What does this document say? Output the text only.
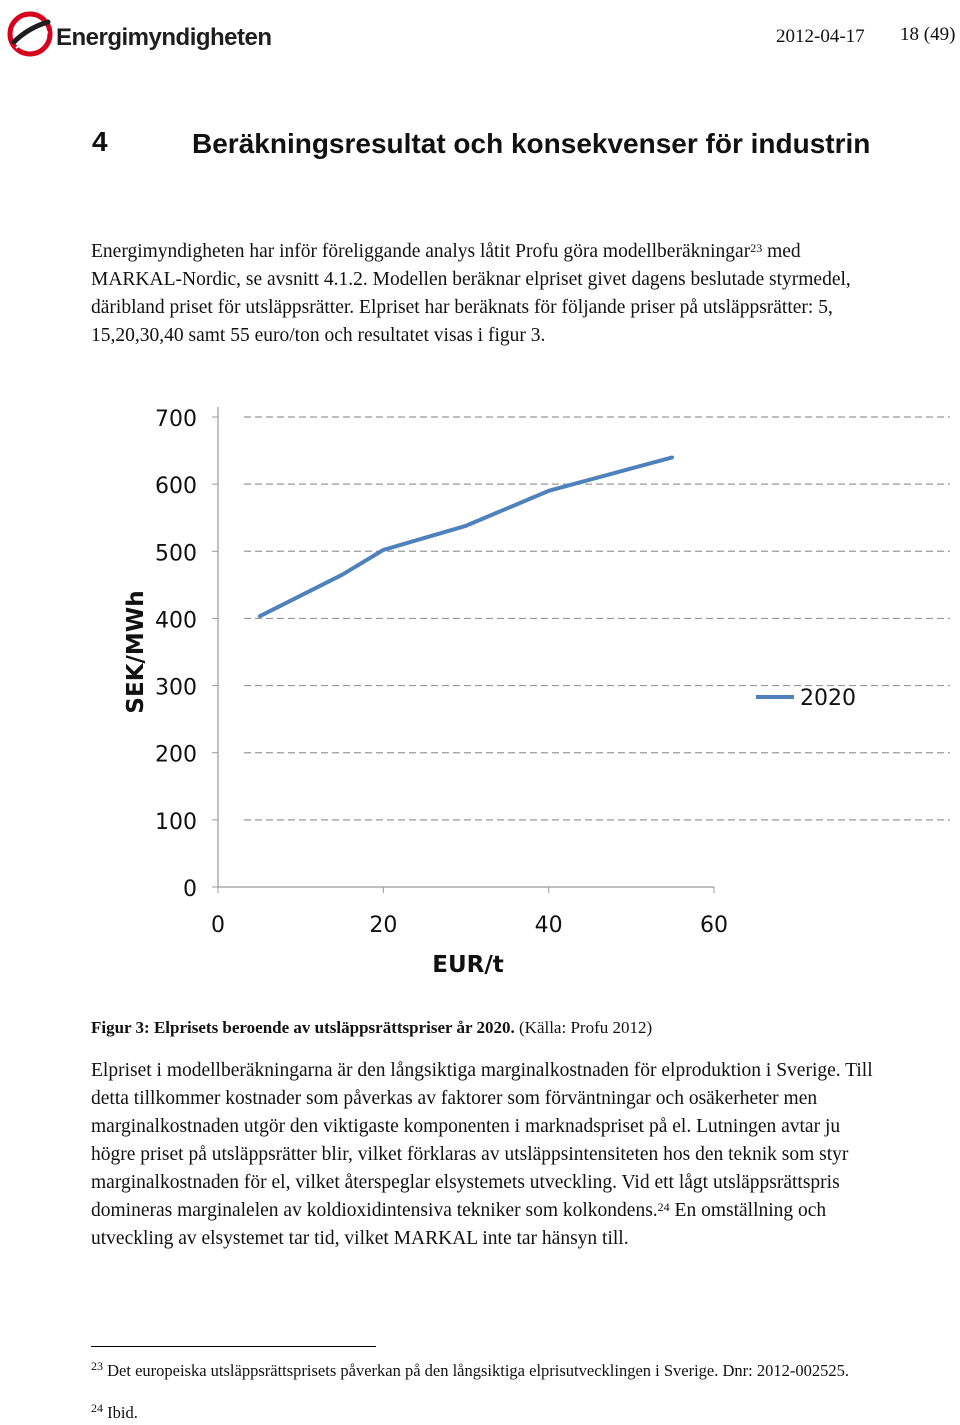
Energimyndigheten	2012-04-17 18 (49)
4	Beräkningsresultat och konsekvenser för industrin
Energimyndigheten har inför föreliggande analys låtit Profu göra modellberäkningar$^{23}$ med MARKAL-Nordic, se avsnitt 4.1.2. Modellen beräknar elpriset givet dagens beslutade styrmedel, däribland priset för utsläppsrätter. Elpriset har beräknats för följande priser på utsläppsrätter: 5, 15,20,30,40 samt 55 euro/ton och resultatet visas i figur 3.
0
100
200
300
400
500
600
700
0	20	40	60
EUR/t
SEK/MWh	2020
Figur 3: Elprisets beroende av utsläppsrättspriser år 2020. (Källa: Profu 2012)
Elpriset i modellberäkningarna är den långsiktiga marginalkostnaden för elproduktion i Sverige. Till detta tillkommer kostnader som påverkas av faktorer som förväntningar och osäkerheter men marginalkostnaden utgör den viktigaste komponenten i marknadspriset på el. Lutningen avtar ju högre priset på utsläppsrätter blir, vilket förklaras av utsläppsintensiteten hos den teknik som styr marginalkostnaden för el, vilket återspeglar elsystemets utveckling. Vid ett lågt utsläppsrättspris domineras marginalelen av koldioxidintensiva tekniker som kolkondens.$^{24}$ En omställning och utveckling av elsystemet tar tid, vilket MARKAL inte tar hänsyn till.
$^{23}$ Det europeiska utsläppsrättsprisets påverkan på den långsiktiga elprisutvecklingen i Sverige. Dnr: 2012-002525.
$^{24}$ Ibid.
